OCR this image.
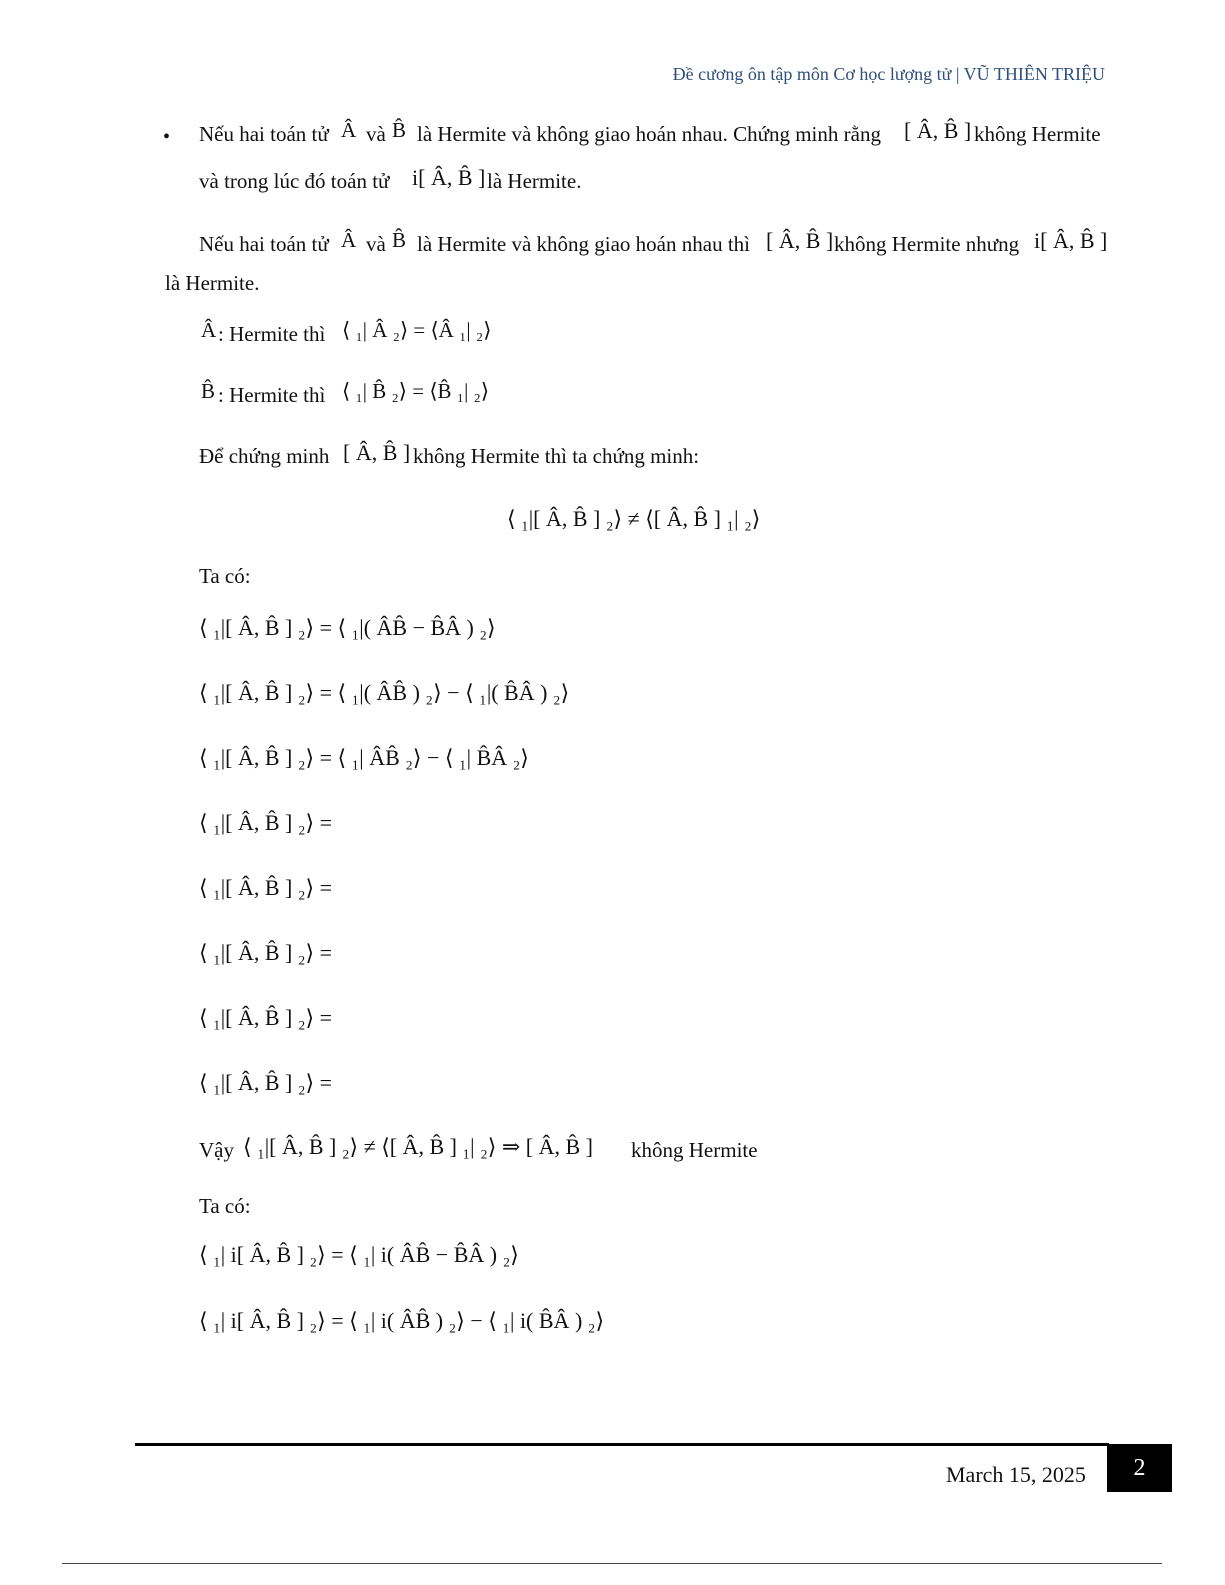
Đề cương ôn tập môn Cơ học lượng tử | VŨ THIÊN TRIỆU
• Nếu hai toán tử Â và B̂ là Hermite và không giao hoán nhau. Chứng minh rằng [ Â, B̂ ] không Hermite
và trong lúc đó toán tử i[ Â, B̂ ] là Hermite.
Nếu hai toán tử Â và B̂ là Hermite và không giao hoán nhau thì [ Â, B̂ ] không Hermite nhưng i[ Â, B̂ ]
là Hermite.
Â : Hermite thì ⟨ ₁| Â ₂⟩ = ⟨Â ₁| ₂⟩
B̂ : Hermite thì ⟨ ₁| B̂ ₂⟩ = ⟨B̂ ₁| ₂⟩
Để chứng minh [ Â, B̂ ] không Hermite thì ta chứng minh:
⟨ ₁|[ Â, B̂ ] ₂⟩ ≠ ⟨[ Â, B̂ ] ₁| ₂⟩
Ta có:
⟨ ₁|[ Â, B̂ ] ₂⟩ = ⟨ ₁|( ÂB̂ − B̂Â ) ₂⟩
⟨ ₁|[ Â, B̂ ] ₂⟩ = ⟨ ₁|( ÂB̂ ) ₂⟩ − ⟨ ₁|( B̂Â ) ₂⟩
⟨ ₁|[ Â, B̂ ] ₂⟩ = ⟨ ₁| ÂB̂ ₂⟩ − ⟨ ₁| B̂Â ₂⟩
⟨ ₁|[ Â, B̂ ] ₂⟩ =
⟨ ₁|[ Â, B̂ ] ₂⟩ =
⟨ ₁|[ Â, B̂ ] ₂⟩ =
⟨ ₁|[ Â, B̂ ] ₂⟩ =
⟨ ₁|[ Â, B̂ ] ₂⟩ =
Vậy ⟨ ₁|[ Â, B̂ ] ₂⟩ ≠ ⟨[ Â, B̂ ] ₁| ₂⟩ ⇒ [ Â, B̂ ] không Hermite
Ta có:
⟨ ₁| i[ Â, B̂ ] ₂⟩ = ⟨ ₁| i( ÂB̂ − B̂Â ) ₂⟩
⟨ ₁| i[ Â, B̂ ] ₂⟩ = ⟨ ₁| i( ÂB̂ ) ₂⟩ − ⟨ ₁| i( B̂Â ) ₂⟩
March 15, 2025	2
